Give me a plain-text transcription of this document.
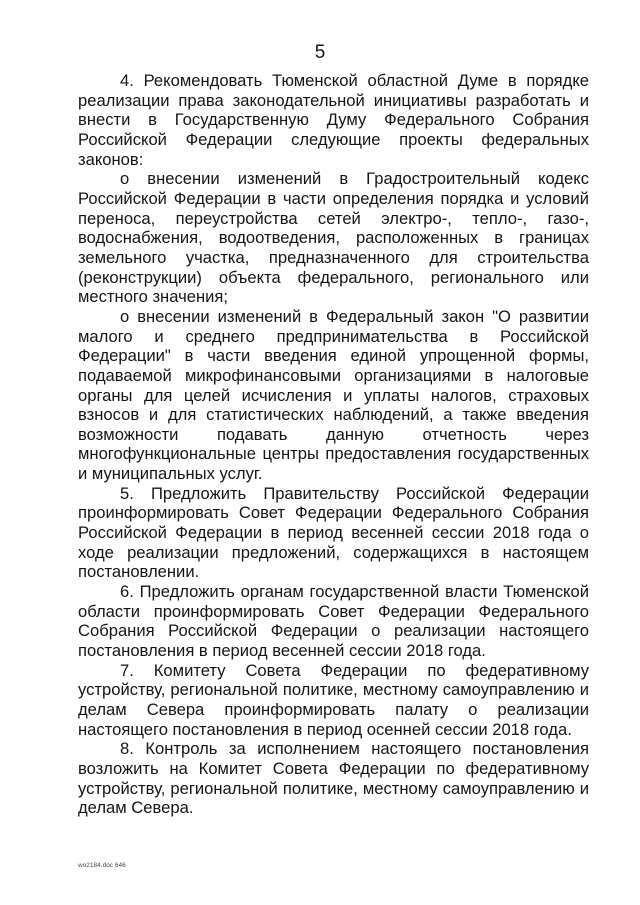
5

4. Рекомендовать Тюменской областной Думе в порядке реализации права законодательной инициативы разработать и внести в Государственную Думу Федерального Собрания Российской Федерации следующие проекты федеральных законов:

о внесении изменений в Градостроительный кодекс Российской Федерации в части определения порядка и условий переноса, переустройства сетей электро-, тепло-, газо-, водоснабжения, водоотведения, расположенных в границах земельного участка, предназначенного для строительства (реконструкции) объекта федерального, регионального или местного значения;

о внесении изменений в Федеральный закон "О развитии малого и среднего предпринимательства в Российской Федерации" в части введения единой упрощенной формы, подаваемой микрофинансовыми организациями в налоговые органы для целей исчисления и уплаты налогов, страховых взносов и для статистических наблюдений, а также введения возможности подавать данную отчетность через многофункциональные центры предоставления государственных и муниципальных услуг.

5. Предложить Правительству Российской Федерации проинформировать Совет Федерации Федерального Собрания Российской Федерации в период весенней сессии 2018 года о ходе реализации предложений, содержащихся в настоящем постановлении.

6. Предложить органам государственной власти Тюменской области проинформировать Совет Федерации Федерального Собрания Российской Федерации о реализации настоящего постановления в период весенней сессии 2018 года.

7. Комитету Совета Федерации по федеративному устройству, региональной политике, местному самоуправлению и делам Севера проинформировать палату о реализации настоящего постановления в период осенней сессии 2018 года.

8. Контроль за исполнением настоящего постановления возложить на Комитет Совета Федерации по федеративному устройству, региональной политике, местному самоуправлению и делам Севера.

wo2184.doc 646
